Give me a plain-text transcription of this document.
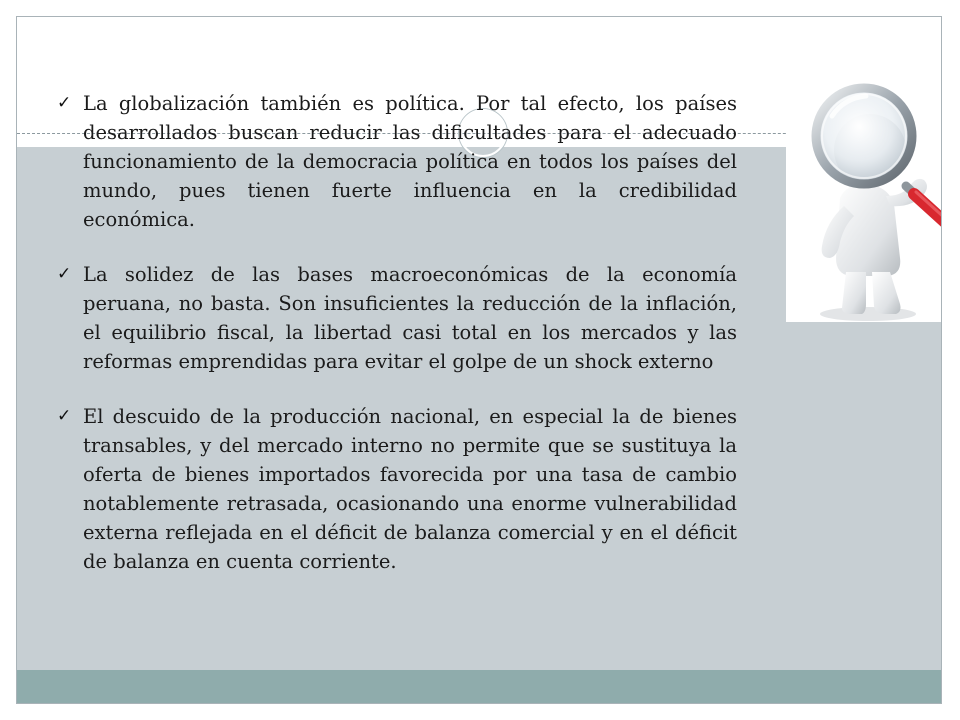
✓ La globalización también es política. Por tal efecto, los países desarrollados buscan reducir las dificultades para el adecuado funcionamiento de la democracia política en todos los países del mundo, pues tienen fuerte influencia en la credibilidad económica.
✓ La solidez de las bases macroeconómicas de la economía peruana, no basta. Son insuficientes la reducción de la inflación, el equilibrio fiscal, la libertad casi total en los mercados y las reformas emprendidas para evitar el golpe de un shock externo
✓ El descuido de la producción nacional, en especial la de bienes transables, y del mercado interno no permite que se sustituya la oferta de bienes importados favorecida por una tasa de cambio notablemente retrasada, ocasionando una enorme vulnerabilidad externa reflejada en el déficit de balanza comercial y en el déficit de balanza en cuenta corriente.
